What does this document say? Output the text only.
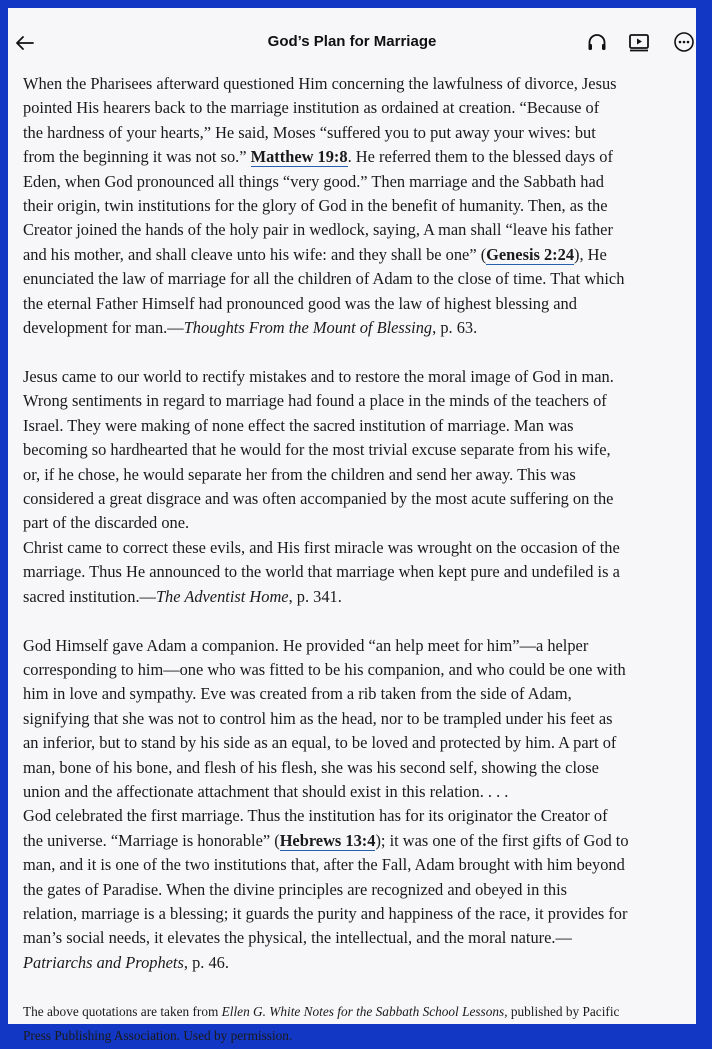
God’s Plan for Marriage
When the Pharisees afterward questioned Him concerning the lawfulness of divorce, Jesus
pointed His hearers back to the marriage institution as ordained at creation. “Because of
the hardness of your hearts,” He said, Moses “suffered you to put away your wives: but
from the beginning it was not so.” Matthew 19:8. He referred them to the blessed days of
Eden, when God pronounced all things “very good.” Then marriage and the Sabbath had
their origin, twin institutions for the glory of God in the benefit of humanity. Then, as the
Creator joined the hands of the holy pair in wedlock, saying, A man shall “leave his father
and his mother, and shall cleave unto his wife: and they shall be one” (Genesis 2:24), He
enunciated the law of marriage for all the children of Adam to the close of time. That which
the eternal Father Himself had pronounced good was the law of highest blessing and
development for man.—Thoughts From the Mount of Blessing, p. 63.
Jesus came to our world to rectify mistakes and to restore the moral image of God in man.
Wrong sentiments in regard to marriage had found a place in the minds of the teachers of
Israel. They were making of none effect the sacred institution of marriage. Man was
becoming so hardhearted that he would for the most trivial excuse separate from his wife,
or, if he chose, he would separate her from the children and send her away. This was
considered a great disgrace and was often accompanied by the most acute suffering on the
part of the discarded one.
Christ came to correct these evils, and His first miracle was wrought on the occasion of the
marriage. Thus He announced to the world that marriage when kept pure and undefiled is a
sacred institution.—The Adventist Home, p. 341.
God Himself gave Adam a companion. He provided “an help meet for him”—a helper
corresponding to him—one who was fitted to be his companion, and who could be one with
him in love and sympathy. Eve was created from a rib taken from the side of Adam,
signifying that she was not to control him as the head, nor to be trampled under his feet as
an inferior, but to stand by his side as an equal, to be loved and protected by him. A part of
man, bone of his bone, and flesh of his flesh, she was his second self, showing the close
union and the affectionate attachment that should exist in this relation. . . .
God celebrated the first marriage. Thus the institution has for its originator the Creator of
the universe. “Marriage is honorable” (Hebrews 13:4); it was one of the first gifts of God to
man, and it is one of the two institutions that, after the Fall, Adam brought with him beyond
the gates of Paradise. When the divine principles are recognized and obeyed in this
relation, marriage is a blessing; it guards the purity and happiness of the race, it provides for
man’s social needs, it elevates the physical, the intellectual, and the moral nature.—
Patriarchs and Prophets, p. 46.
The above quotations are taken from Ellen G. White Notes for the Sabbath School Lessons, published by Pacific
Press Publishing Association. Used by permission.
